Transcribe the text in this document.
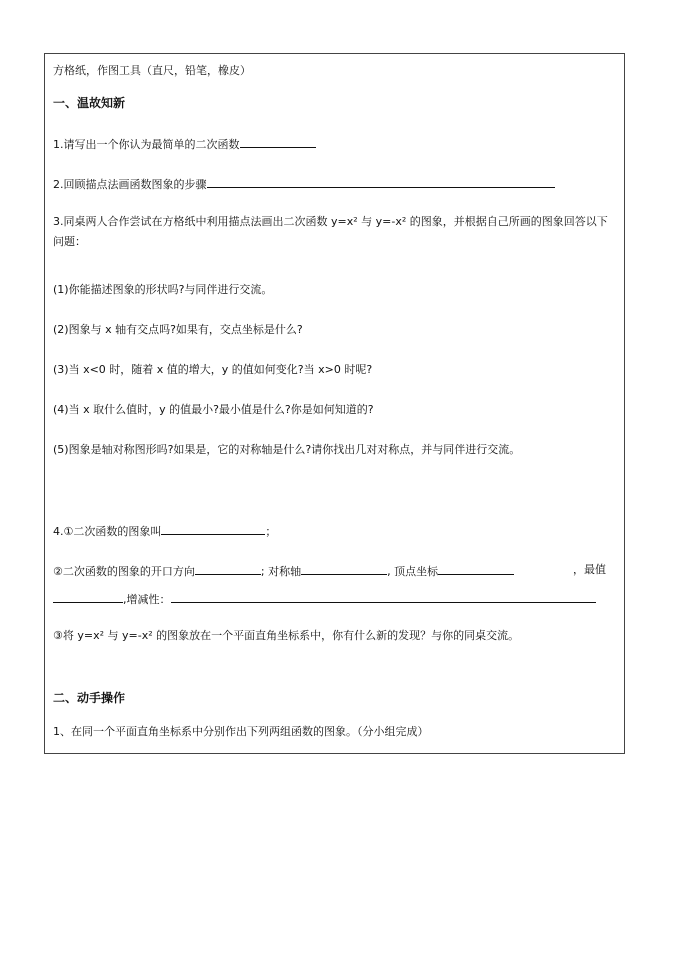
方格纸，作图工具（直尺，铅笔，橡皮）
一、温故知新
1.请写出一个你认为最简单的二次函数
2.回顾描点法画函数图象的步骤
3.同桌两人合作尝试在方格纸中利用描点法画出二次函数 y=x² 与 y=-x² 的图象，并根据自己所画的图象回答以下问题：
(1)你能描述图象的形状吗?与同伴进行交流。
(2)图象与 x 轴有交点吗?如果有，交点坐标是什么?
(3)当 x<0 时，随着 x 值的增大，y 的值如何变化?当 x>0 时呢?
(4)当 x 取什么值时，y 的值最小?最小值是什么?你是如何知道的?
(5)图象是轴对称图形吗?如果是，它的对称轴是什么?请你找出几对对称点，并与同伴进行交流。
4.①二次函数的图象叫	；
②二次函数的图象的开口方向	; 对称轴	, 顶点坐标	，最值
,增减性：
③将 y=x² 与 y=-x² 的图象放在一个平面直角坐标系中，你有什么新的发现？与你的同桌交流。
二、动手操作
1、在同一个平面直角坐标系中分别作出下列两组函数的图象。（分小组完成）
